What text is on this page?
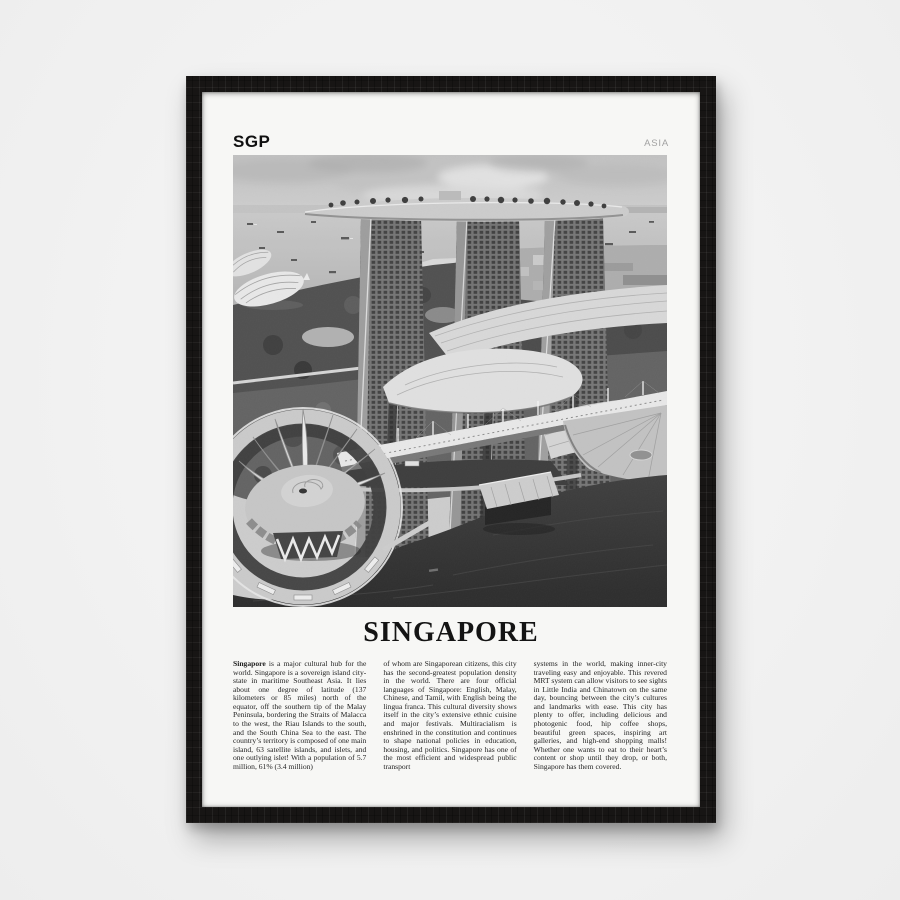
SGP	ASIA
SINGAPORE
Singapore is a major cultural hub for the world. Singapore is a sovereign island city-state in maritime Southeast Asia. It lies about one degree of latitude (137 kilometers or 85 miles) north of the equator, off the southern tip of the Malay Peninsula, bordering the Straits of Malacca to the west, the Riau Islands to the south, and the South China Sea to the east. The country’s territory is composed of one main island, 63 satellite islands, and islets, and one outlying islet! With a population of 5.7 million, 61% (3.4 million)
of whom are Singaporean citizens, this city has the second-greatest population density in the world. There are four official languages of Singapore: English, Malay, Chinese, and Tamil, with English being the lingua franca. This cultural diversity shows itself in the city’s extensive ethnic cuisine and major festivals. Multiracialism is enshrined in the constitution and continues to shape national policies in education, housing, and politics. Singapore has one of the most efficient and widespread public transport
systems in the world, making inner-city traveling easy and enjoyable. This revered MRT system can allow visitors to see sights in Little India and Chinatown on the same day, bouncing between the city’s cultures and landmarks with ease. This city has plenty to offer, including delicious and photogenic food, hip coffee shops, beautiful green spaces, inspiring art galleries, and high-end shopping malls! Whether one wants to eat to their heart’s content or shop until they drop, or both, Singapore has them covered.
